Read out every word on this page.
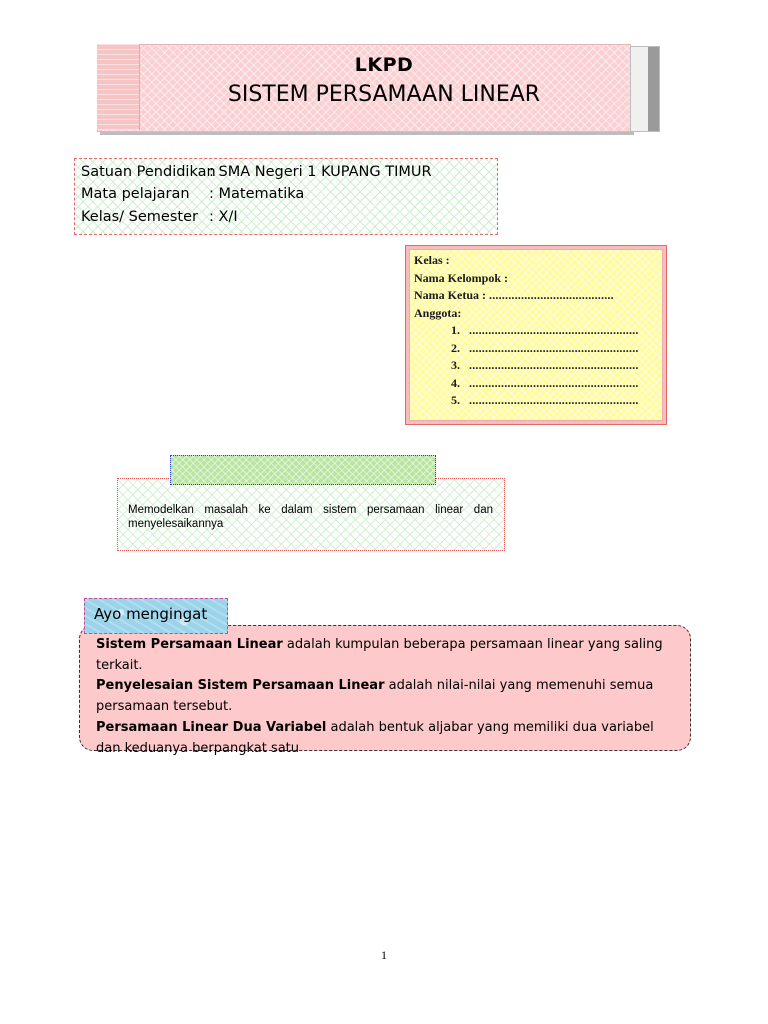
LKPD
SISTEM PERSAMAAN LINEAR
Satuan Pendidikan: SMA Negeri 1 KUPANG TIMUR
Mata pelajaran : Matematika
Kelas/ Semester : X/I
Kelas :
Nama Kelompok :
Nama Ketua : .......................................
Anggota:
1. .....................................................
2. .....................................................
3. .....................................................
4. .....................................................
5. .....................................................
Memodelkan masalah ke dalam sistem persamaan linear dan menyelesaikannya
Ayo mengingat
Sistem Persamaan Linear adalah kumpulan beberapa persamaan linear yang saling terkait.
Penyelesaian Sistem Persamaan Linear adalah nilai-nilai yang memenuhi semua persamaan tersebut.
Persamaan Linear Dua Variabel adalah bentuk aljabar yang memiliki dua variabel dan keduanya berpangkat satu
1
